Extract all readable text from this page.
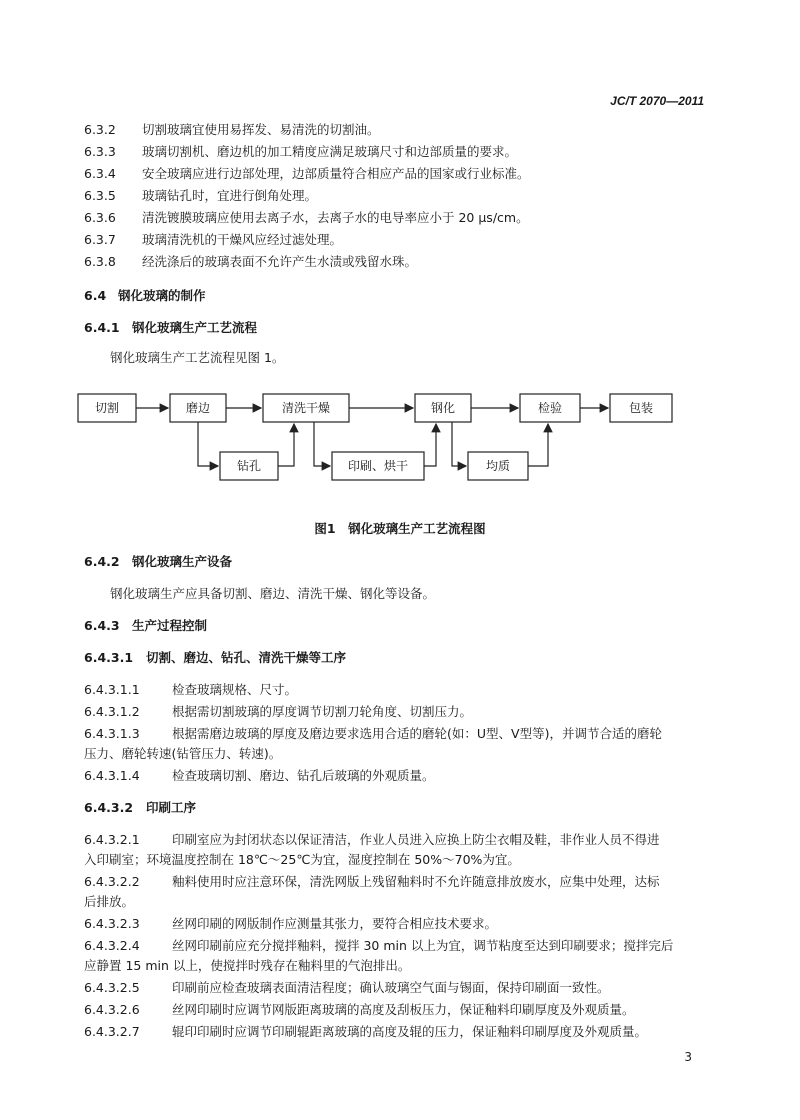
JC/T 2070—2011
6.3.2 切割玻璃宜使用易挥发、易清洗的切割油。
6.3.3 玻璃切割机、磨边机的加工精度应满足玻璃尺寸和边部质量的要求。
6.3.4 安全玻璃应进行边部处理，边部质量符合相应产品的国家或行业标准。
6.3.5 玻璃钻孔时，宜进行倒角处理。
6.3.6 清洗镀膜玻璃应使用去离子水，去离子水的电导率应小于 20 μs/cm。
6.3.7 玻璃清洗机的干燥风应经过滤处理。
6.3.8 经洗涤后的玻璃表面不允许产生水渍或残留水珠。
6.4 钢化玻璃的制作
6.4.1 钢化玻璃生产工艺流程
钢化玻璃生产工艺流程见图 1。
切割	磨边	清洗干燥	钢化	检验	包装
钻孔	印刷、烘干	均质
图1　钢化玻璃生产工艺流程图
6.4.2 钢化玻璃生产设备
钢化玻璃生产应具备切割、磨边、清洗干燥、钢化等设备。
6.4.3 生产过程控制
6.4.3.1 切割、磨边、钻孔、清洗干燥等工序
6.4.3.1.1	检查玻璃规格、尺寸。
6.4.3.1.2	根据需切割玻璃的厚度调节切割刀轮角度、切割压力。
6.4.3.1.3	根据需磨边玻璃的厚度及磨边要求选用合适的磨轮(如：U型、V型等)，并调节合适的磨轮
压力、磨轮转速(钻管压力、转速)。
6.4.3.1.4	检查玻璃切割、磨边、钻孔后玻璃的外观质量。
6.4.3.2 印刷工序
6.4.3.2.1	印刷室应为封闭状态以保证清洁，作业人员进入应换上防尘衣帽及鞋，非作业人员不得进
入印刷室；环境温度控制在 18℃～25℃为宜，湿度控制在 50%～70%为宜。
6.4.3.2.2	釉料使用时应注意环保，清洗网版上残留釉料时不允许随意排放废水，应集中处理，达标
后排放。
6.4.3.2.3	丝网印刷的网版制作应测量其张力，要符合相应技术要求。
6.4.3.2.4	丝网印刷前应充分搅拌釉料，搅拌 30 min 以上为宜，调节粘度至达到印刷要求；搅拌完后
应静置 15 min 以上，使搅拌时残存在釉料里的气泡排出。
6.4.3.2.5	印刷前应检查玻璃表面清洁程度；确认玻璃空气面与锡面，保持印刷面一致性。
6.4.3.2.6	丝网印刷时应调节网版距离玻璃的高度及刮板压力，保证釉料印刷厚度及外观质量。
6.4.3.2.7	辊印印刷时应调节印刷辊距离玻璃的高度及辊的压力，保证釉料印刷厚度及外观质量。
3
